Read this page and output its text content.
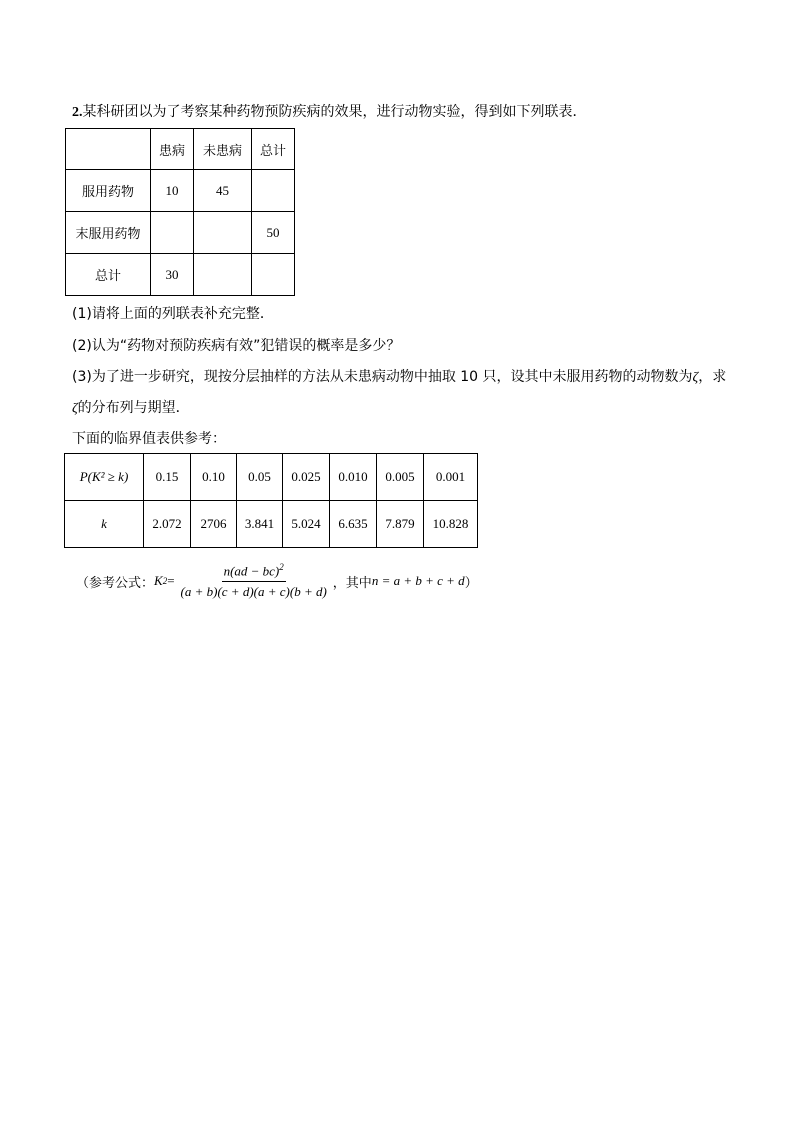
2.某科研团以为了考察某种药物预防疾病的效果，进行动物实验，得到如下列联表．
	患病	未患病	总计
服用药物	10	45	
末服用药物			50
总计	30		
(1)请将上面的列联表补充完整．
(2)认为“药物对预防疾病有效”犯错误的概率是多少？
(3)为了进一步研究，现按分层抽样的方法从未患病动物中抽取 10 只，设其中未服用药物的动物数为ζ，求
ζ的分布列与期望．
下面的临界值表供参考：
P(K² ≥ k)	0.15	0.10	0.05	0.025	0.010	0.005	0.001
k	2.072	2706	3.841	5.024	6.635	7.879	10.828
（参考公式： K $2 = \frac{n(ad - bc)^2}{(a + b)(c + d)(a + c)(b + d)}$ ，其中 n = a + b + c + d ）
